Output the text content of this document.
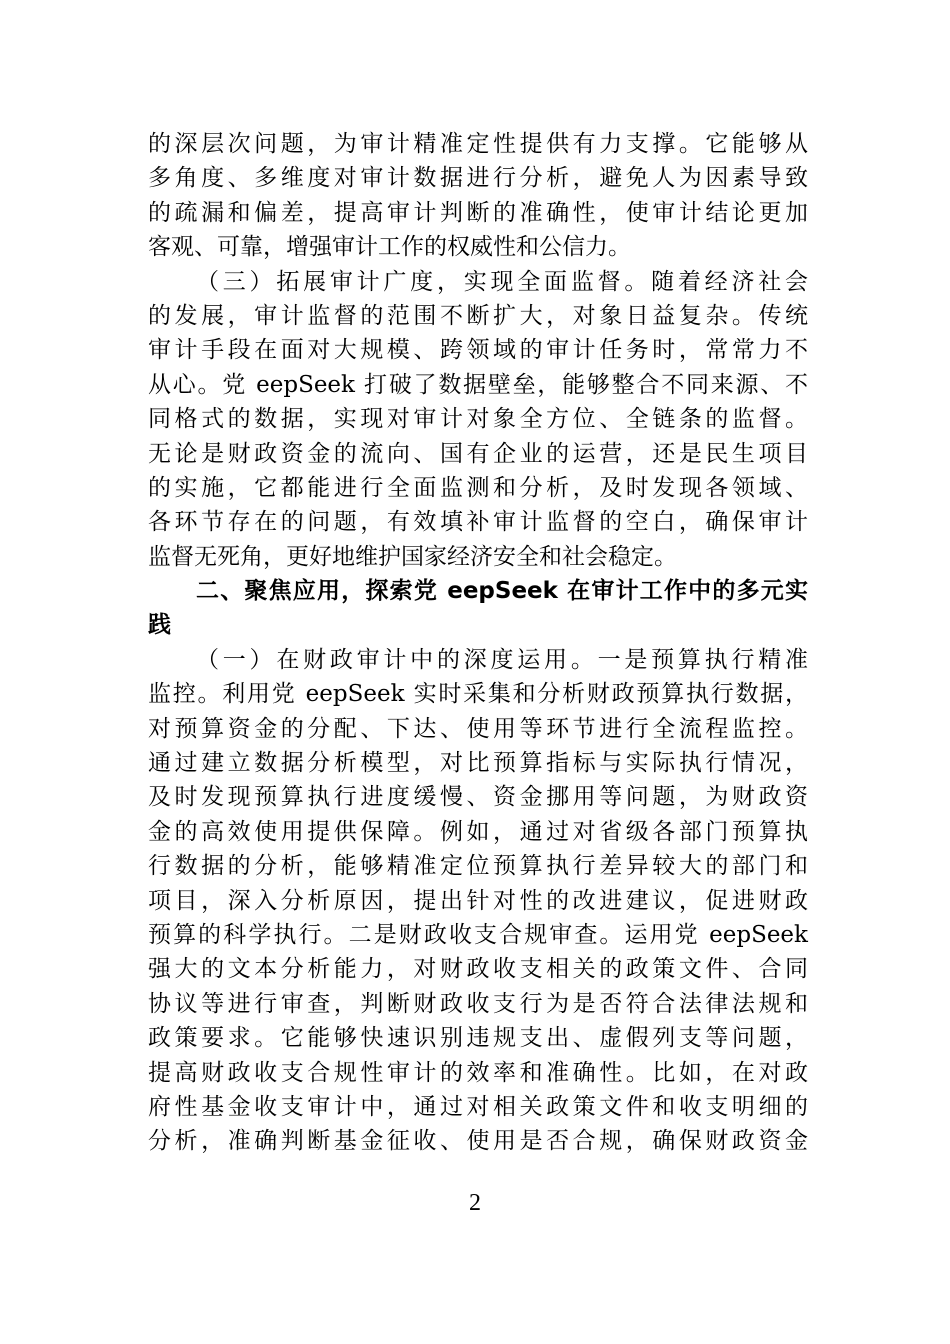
的深层次问题，为审计精准定性提供有力支撑。它能够从
多角度、多维度对审计数据进行分析，避免人为因素导致
的疏漏和偏差，提高审计判断的准确性，使审计结论更加
客观、可靠，增强审计工作的权威性和公信力。
（三）拓展审计广度，实现全面监督。随着经济社会
的发展，审计监督的范围不断扩大，对象日益复杂。传统
审计手段在面对大规模、跨领域的审计任务时，常常力不
从心。党 eepSeek 打破了数据壁垒，能够整合不同来源、不
同格式的数据，实现对审计对象全方位、全链条的监督。
无论是财政资金的流向、国有企业的运营，还是民生项目
的实施，它都能进行全面监测和分析，及时发现各领域、
各环节存在的问题，有效填补审计监督的空白，确保审计
监督无死角，更好地维护国家经济安全和社会稳定。
二、聚焦应用，探索党 eepSeek 在审计工作中的多元实
践
（一）在财政审计中的深度运用。一是预算执行精准
监控。利用党 eepSeek 实时采集和分析财政预算执行数据，
对预算资金的分配、下达、使用等环节进行全流程监控。
通过建立数据分析模型，对比预算指标与实际执行情况，
及时发现预算执行进度缓慢、资金挪用等问题，为财政资
金的高效使用提供保障。例如，通过对省级各部门预算执
行数据的分析，能够精准定位预算执行差异较大的部门和
项目，深入分析原因，提出针对性的改进建议，促进财政
预算的科学执行。二是财政收支合规审查。运用党 eepSeek
强大的文本分析能力，对财政收支相关的政策文件、合同
协议等进行审查，判断财政收支行为是否符合法律法规和
政策要求。它能够快速识别违规支出、虚假列支等问题，
提高财政收支合规性审计的效率和准确性。比如，在对政
府性基金收支审计中，通过对相关政策文件和收支明细的
分析，准确判断基金征收、使用是否合规，确保财政资金
2
